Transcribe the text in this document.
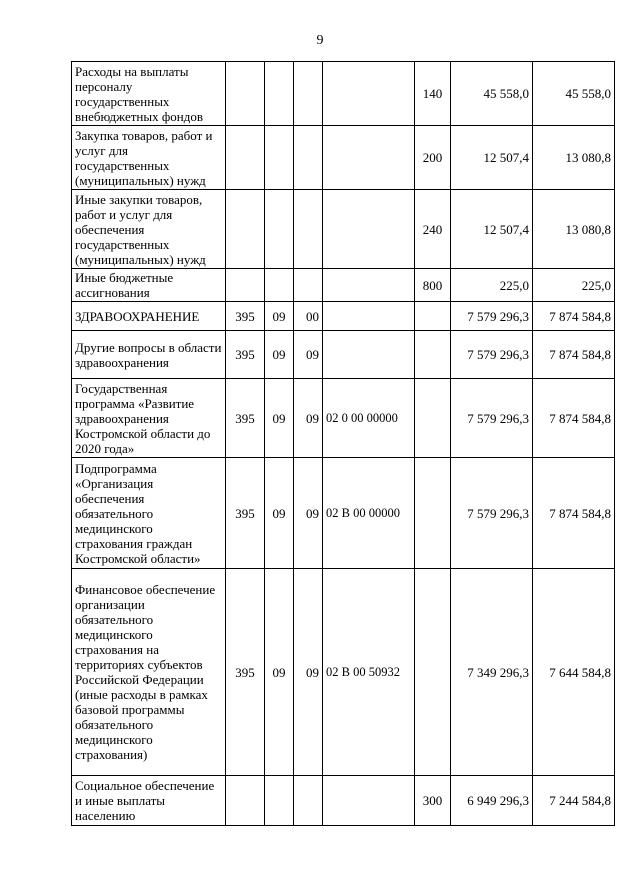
9
Расходы на выплаты персоналу государственных внебюджетных фондов					140	45 558,0	45 558,0
Закупка товаров, работ и услуг для государственных (муниципальных) нужд					200	12 507,4	13 080,8
Иные закупки товаров, работ и услуг для обеспечения государственных (муниципальных) нужд					240	12 507,4	13 080,8
Иные бюджетные ассигнования					800	225,0	225,0
ЗДРАВООХРАНЕНИЕ	395	09	00			7 579 296,3	7 874 584,8
Другие вопросы в области здравоохранения	395	09	09			7 579 296,3	7 874 584,8
Государственная программа «Развитие здравоохранения Костромской области до 2020 года»	395	09	09	02 0 00 00000		7 579 296,3	7 874 584,8
Подпрограмма «Организация обеспечения обязательного медицинского страхования граждан Костромской области»	395	09	09	02 В 00 00000		7 579 296,3	7 874 584,8
Финансовое обеспечение организации обязательного медицинского страхования на территориях субъектов Российской Федерации (иные расходы в рамках базовой программы обязательного медицинского страхования)	395	09	09	02 В 00 50932		7 349 296,3	7 644 584,8
Социальное обеспечение и иные выплаты населению					300	6 949 296,3	7 244 584,8
